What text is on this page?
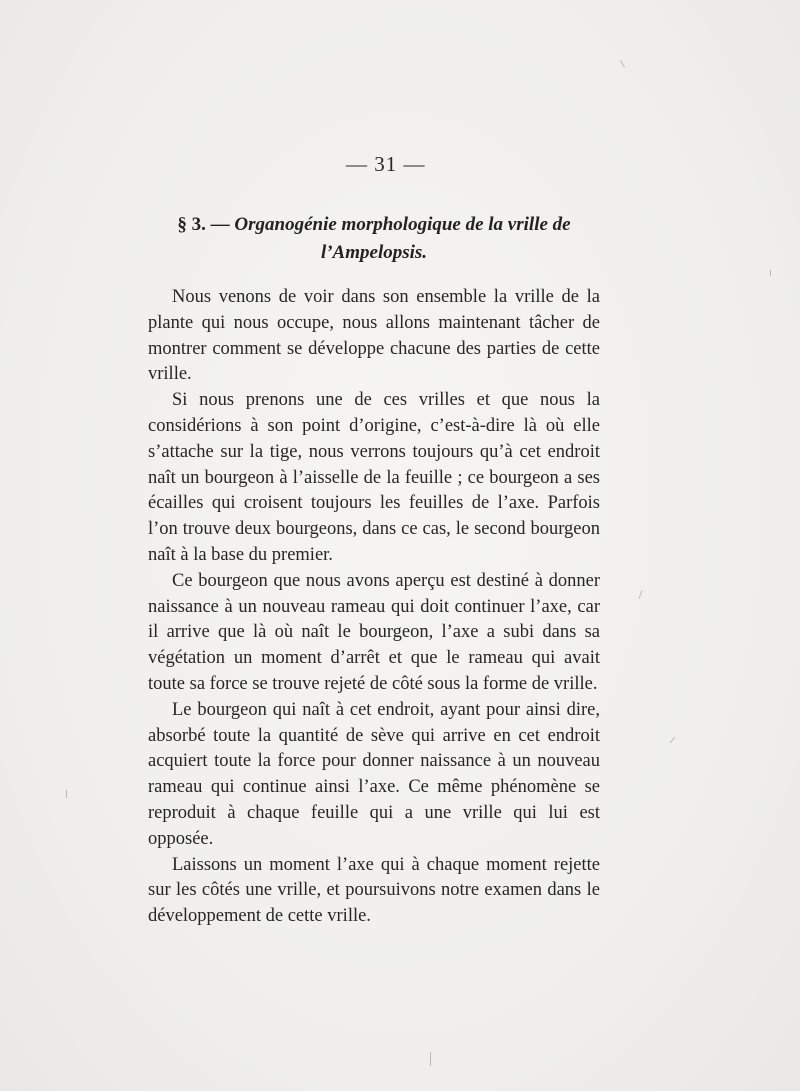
— 31 —
§ 3. — Organogénie morphologique de la vrille de
l’Ampelopsis.

Nous venons de voir dans son ensemble la vrille de la plante qui nous occupe, nous allons maintenant tâcher de montrer comment se développe chacune des parties de cette vrille.

Si nous prenons une de ces vrilles et que nous la considérions à son point d’origine, c’est-à-dire là où elle s’attache sur la tige, nous verrons toujours qu’à cet endroit naît un bourgeon à l’aisselle de la feuille ; ce bourgeon a ses écailles qui croisent toujours les feuilles de l’axe. Parfois l’on trouve deux bourgeons, dans ce cas, le second bourgeon naît à la base du premier.

Ce bourgeon que nous avons aperçu est destiné à donner naissance à un nouveau rameau qui doit continuer l’axe, car il arrive que là où naît le bourgeon, l’axe a subi dans sa végétation un moment d’arrêt et que le rameau qui avait toute sa force se trouve rejeté de côté sous la forme de vrille.

Le bourgeon qui naît à cet endroit, ayant pour ainsi dire, absorbé toute la quantité de sève qui arrive en cet endroit acquiert toute la force pour donner naissance à un nouveau rameau qui continue ainsi l’axe. Ce même phénomène se reproduit à chaque feuille qui a une vrille qui lui est opposée.

Laissons un moment l’axe qui à chaque moment rejette sur les côtés une vrille, et poursuivons notre examen dans le développement de cette vrille.
